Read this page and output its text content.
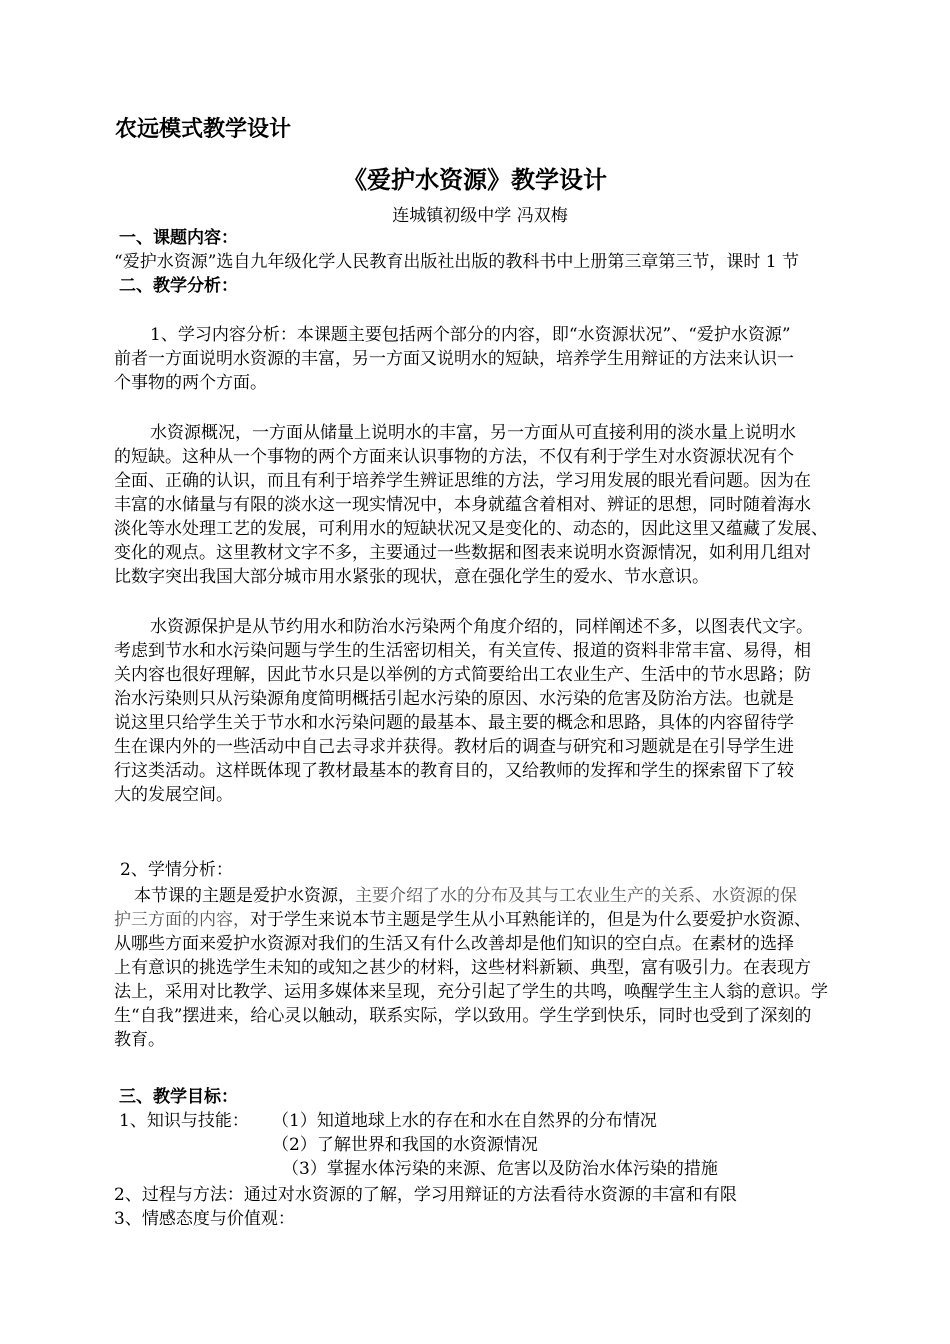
农远模式教学设计
《爱护水资源》教学设计
连城镇初级中学 冯双梅
一、课题内容：
“爱护水资源”选自九年级化学人民教育出版社出版的教科书中上册第三章第三节，课时 1 节
二、教学分析：
1、学习内容分析：本课题主要包括两个部分的内容，即“水资源状况”、“爱护水资源”
前者一方面说明水资源的丰富，另一方面又说明水的短缺，培养学生用辩证的方法来认识一
个事物的两个方面。
水资源概况，一方面从储量上说明水的丰富，另一方面从可直接利用的淡水量上说明水
的短缺。这种从一个事物的两个方面来认识事物的方法，不仅有利于学生对水资源状况有个
全面、正确的认识，而且有利于培养学生辨证思维的方法，学习用发展的眼光看问题。因为在
丰富的水储量与有限的淡水这一现实情况中，本身就蕴含着相对、辨证的思想，同时随着海水
淡化等水处理工艺的发展，可利用水的短缺状况又是变化的、动态的，因此这里又蕴藏了发展、
变化的观点。这里教材文字不多，主要通过一些数据和图表来说明水资源情况，如利用几组对
比数字突出我国大部分城市用水紧张的现状，意在强化学生的爱水、节水意识。
水资源保护是从节约用水和防治水污染两个角度介绍的，同样阐述不多，以图表代文字。
考虑到节水和水污染问题与学生的生活密切相关，有关宣传、报道的资料非常丰富、易得，相
关内容也很好理解，因此节水只是以举例的方式简要给出工农业生产、生活中的节水思路；防
治水污染则只从污染源角度简明概括引起水污染的原因、水污染的危害及防治方法。也就是
说这里只给学生关于节水和水污染问题的最基本、最主要的概念和思路，具体的内容留待学
生在课内外的一些活动中自己去寻求并获得。教材后的调查与研究和习题就是在引导学生进
行这类活动。这样既体现了教材最基本的教育目的，又给教师的发挥和学生的探索留下了较
大的发展空间。
2、学情分析：
本节课的主题是爱护水资源，主要介绍了水的分布及其与工农业生产的关系、水资源的保
护三方面的内容，对于学生来说本节主题是学生从小耳熟能详的，但是为什么要爱护水资源、
从哪些方面来爱护水资源对我们的生活又有什么改善却是他们知识的空白点。在素材的选择
上有意识的挑选学生未知的或知之甚少的材料，这些材料新颖、典型，富有吸引力。在表现方
法上，采用对比教学、运用多媒体来呈现，充分引起了学生的共鸣，唤醒学生主人翁的意识。学
生“自我”摆进来，给心灵以触动，联系实际，学以致用。学生学到快乐，同时也受到了深刻的
教育。
三、教学目标：
1、知识与技能： （1）知道地球上水的存在和水在自然界的分布情况
（2）了解世界和我国的水资源情况
（3）掌握水体污染的来源、危害以及防治水体污染的措施
2、过程与方法：通过对水资源的了解，学习用辩证的方法看待水资源的丰富和有限
3、情感态度与价值观：
